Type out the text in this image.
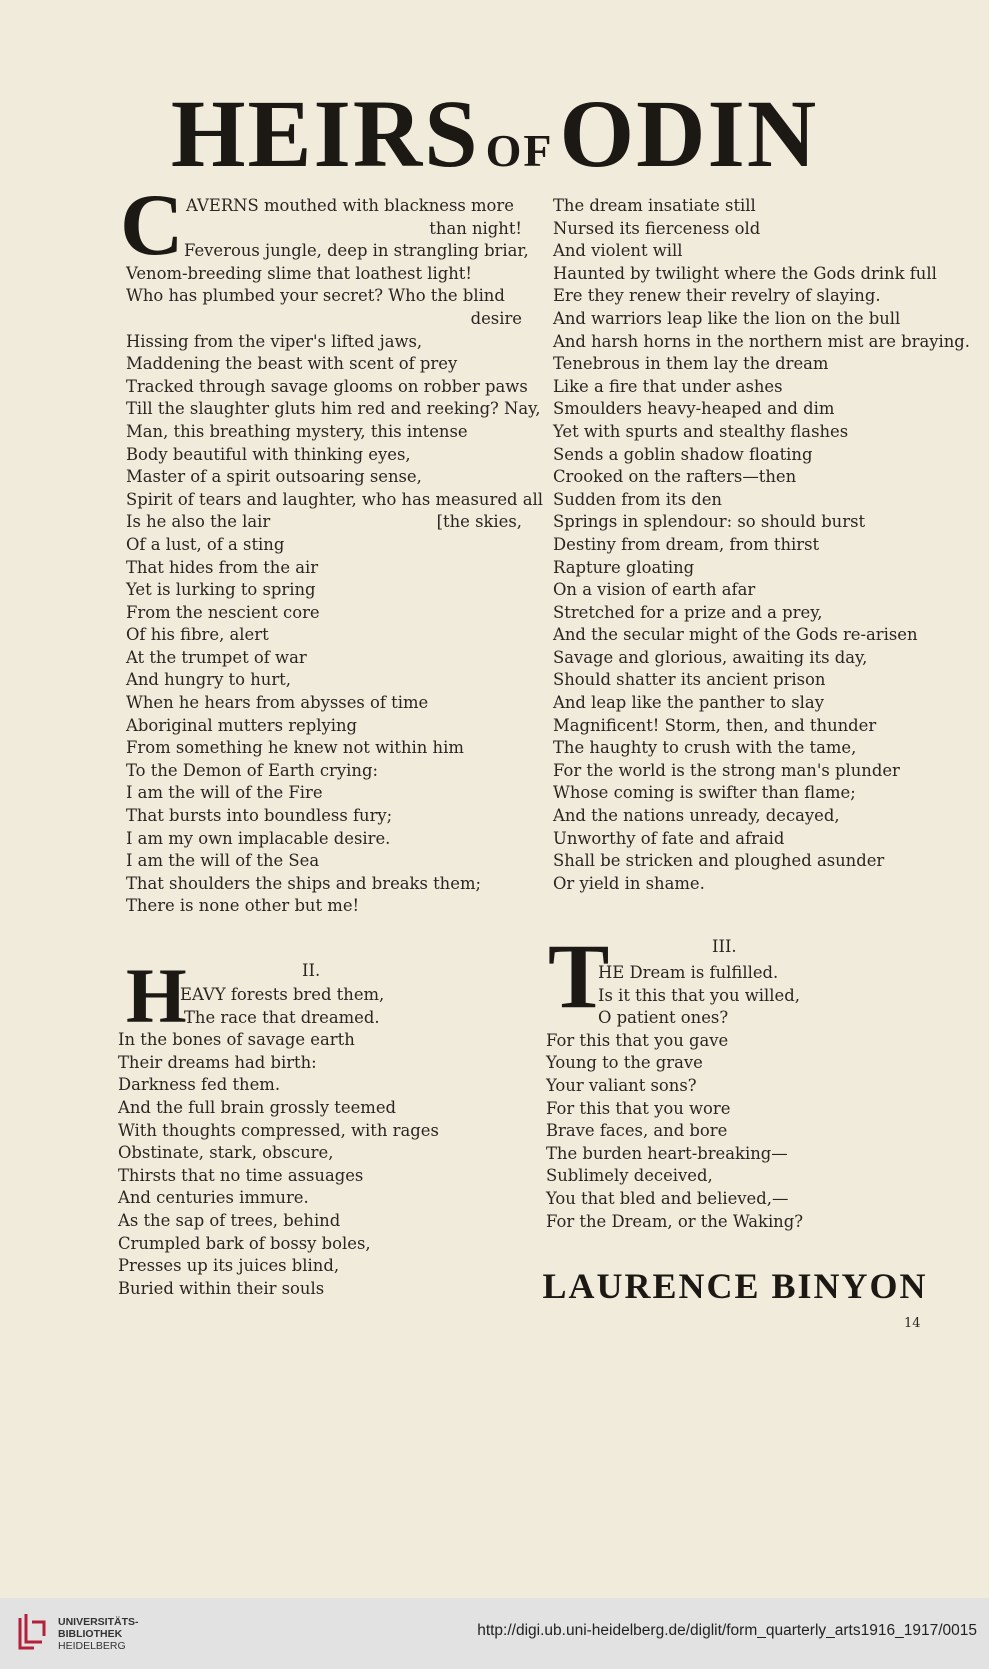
HEIRS OF ODIN
C AVERNS mouthed with blackness more
than night!
Feverous jungle, deep in strangling briar,
Venom-breeding slime that loathest light!
Who has plumbed your secret? Who the blind
desire
Hissing from the viper's lifted jaws,
Maddening the beast with scent of prey
Tracked through savage glooms on robber paws
Till the slaughter gluts him red and reeking? Nay,
Man, this breathing mystery, this intense
Body beautiful with thinking eyes,
Master of a spirit outsoaring sense,
Spirit of tears and laughter, who has measured all
Is he also the lair	[the skies,
Of a lust, of a sting
That hides from the air
Yet is lurking to spring
From the nescient core
Of his fibre, alert
At the trumpet of war
And hungry to hurt,
When he hears from abysses of time
Aboriginal mutters replying
From something he knew not within him
To the Demon of Earth crying:
I am the will of the Fire
That bursts into boundless fury;
I am my own implacable desire.
I am the will of the Sea
That shoulders the ships and breaks them;
There is none other but me!
The dream insatiate still
Nursed its fierceness old
And violent will
Haunted by twilight where the Gods drink full
Ere they renew their revelry of slaying.
And warriors leap like the lion on the bull
And harsh horns in the northern mist are braying.
Tenebrous in them lay the dream
Like a fire that under ashes
Smoulders heavy-heaped and dim
Yet with spurts and stealthy flashes
Sends a goblin shadow floating
Crooked on the rafters—then
Sudden from its den
Springs in splendour: so should burst
Destiny from dream, from thirst
Rapture gloating
On a vision of earth afar
Stretched for a prize and a prey,
And the secular might of the Gods re-arisen
Savage and glorious, awaiting its day,
Should shatter its ancient prison
And leap like the panther to slay
Magnificent! Storm, then, and thunder
The haughty to crush with the tame,
For the world is the strong man's plunder
Whose coming is swifter than flame;
And the nations unready, decayed,
Unworthy of fate and afraid
Shall be stricken and ploughed asunder
Or yield in shame.
II.
H
EAVY forests bred them,
The race that dreamed.
In the bones of savage earth
Their dreams had birth:
Darkness fed them.
And the full brain grossly teemed
With thoughts compressed, with rages
Obstinate, stark, obscure,
Thirsts that no time assuages
And centuries immure.
As the sap of trees, behind
Crumpled bark of bossy boles,
Presses up its juices blind,
Buried within their souls
III.
T
HE Dream is fulfilled.
Is it this that you willed,
O patient ones?
For this that you gave
Young to the grave
Your valiant sons?
For this that you wore
Brave faces, and bore
The burden heart-breaking—
Sublimely deceived,
You that bled and believed,—
For the Dream, or the Waking?
LAURENCE BINYON
14
UNIVERSITÄTS-
BIBLIOTHEK
HEIDELBERG
http://digi.ub.uni-heidelberg.de/diglit/form_quarterly_arts1916_1917/0015
